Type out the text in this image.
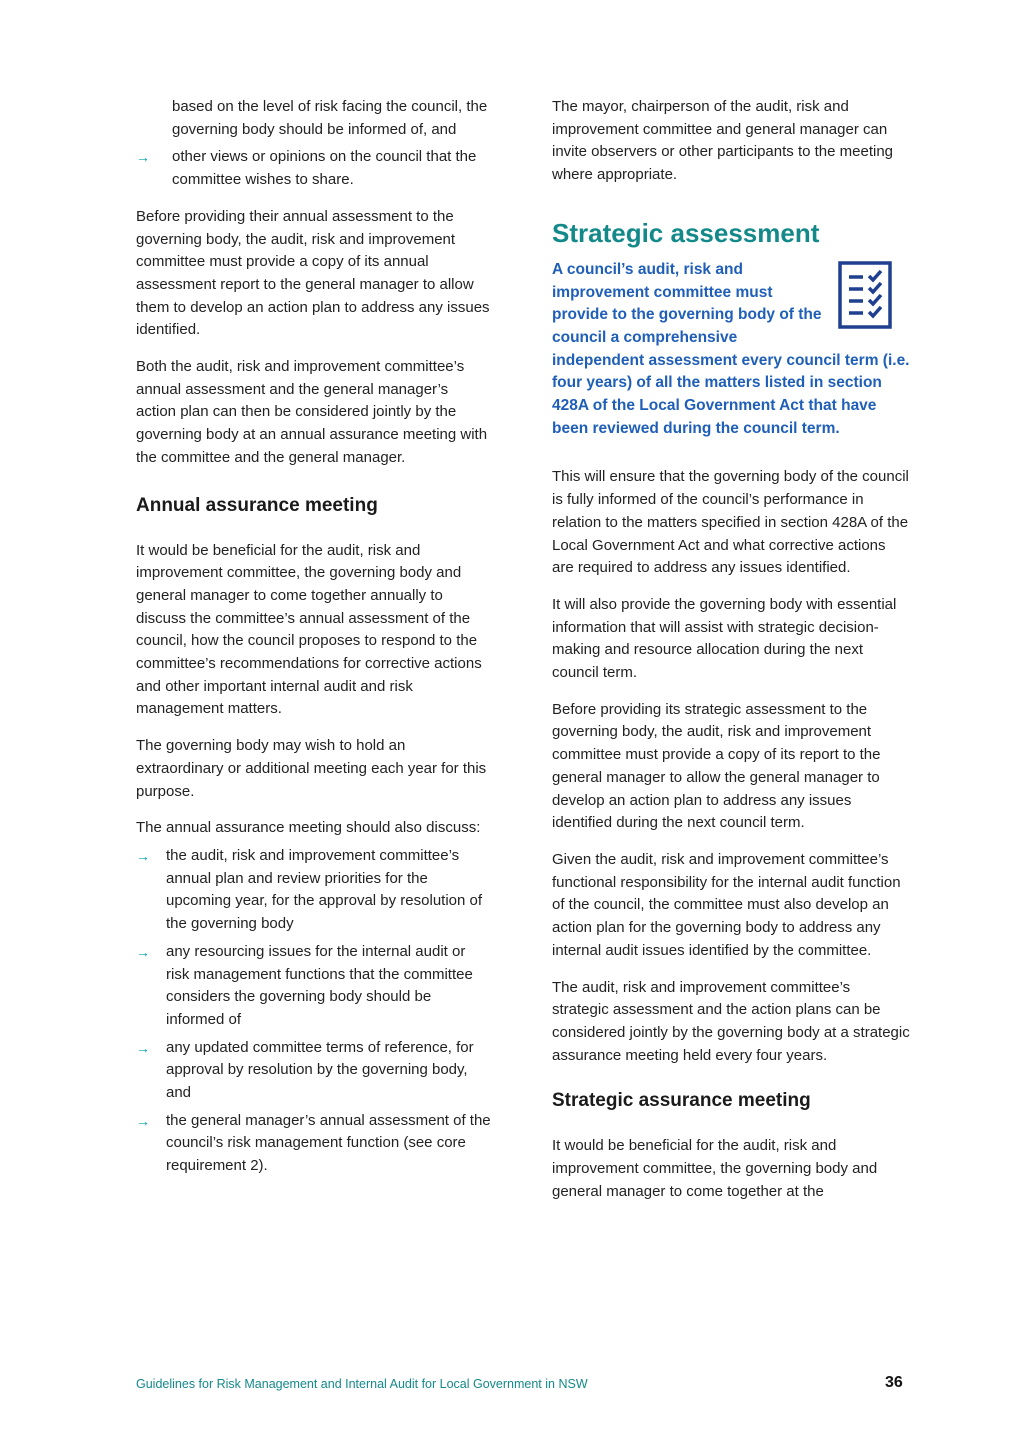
based on the level of risk facing the council, the governing body should be informed of, and

→ other views or opinions on the council that the committee wishes to share.

Before providing their annual assessment to the governing body, the audit, risk and improvement committee must provide a copy of its annual assessment report to the general manager to allow them to develop an action plan to address any issues identified.

Both the audit, risk and improvement committee’s annual assessment and the general manager’s action plan can then be considered jointly by the governing body at an annual assurance meeting with the committee and the general manager.

Annual assurance meeting

It would be beneficial for the audit, risk and improvement committee, the governing body and general manager to come together annually to discuss the committee’s annual assessment of the council, how the council proposes to respond to the committee’s recommendations for corrective actions and other important internal audit and risk management matters.

The governing body may wish to hold an extraordinary or additional meeting each year for this purpose.

The annual assurance meeting should also discuss:

→ the audit, risk and improvement committee’s annual plan and review priorities for the upcoming year, for the approval by resolution of the governing body
→ any resourcing issues for the internal audit or risk management functions that the committee considers the governing body should be informed of
→ any updated committee terms of reference, for approval by resolution by the governing body, and
→ the general manager’s annual assessment of the council’s risk management function (see core requirement 2).

The mayor, chairperson of the audit, risk and improvement committee and general manager can invite observers or other participants to the meeting where appropriate.

Strategic assessment
A council’s audit, risk and improvement committee must provide to the governing body of the council a comprehensive independent assessment every council term (i.e. four years) of all the matters listed in section 428A of the Local Government Act that have been reviewed during the council term.

This will ensure that the governing body of the council is fully informed of the council’s performance in relation to the matters specified in section 428A of the Local Government Act and what corrective actions are required to address any issues identified.

It will also provide the governing body with essential information that will assist with strategic decision-making and resource allocation during the next council term.

Before providing its strategic assessment to the governing body, the audit, risk and improvement committee must provide a copy of its report to the general manager to allow the general manager to develop an action plan to address any issues identified during the next council term.

Given the audit, risk and improvement committee’s functional responsibility for the internal audit function of the council, the committee must also develop an action plan for the governing body to address any internal audit issues identified by the committee.

The audit, risk and improvement committee’s strategic assessment and the action plans can be considered jointly by the governing body at a strategic assurance meeting held every four years.

Strategic assurance meeting

It would be beneficial for the audit, risk and improvement committee, the governing body and general manager to come together at the

Guidelines for Risk Management and Internal Audit for Local Government in NSW	36
